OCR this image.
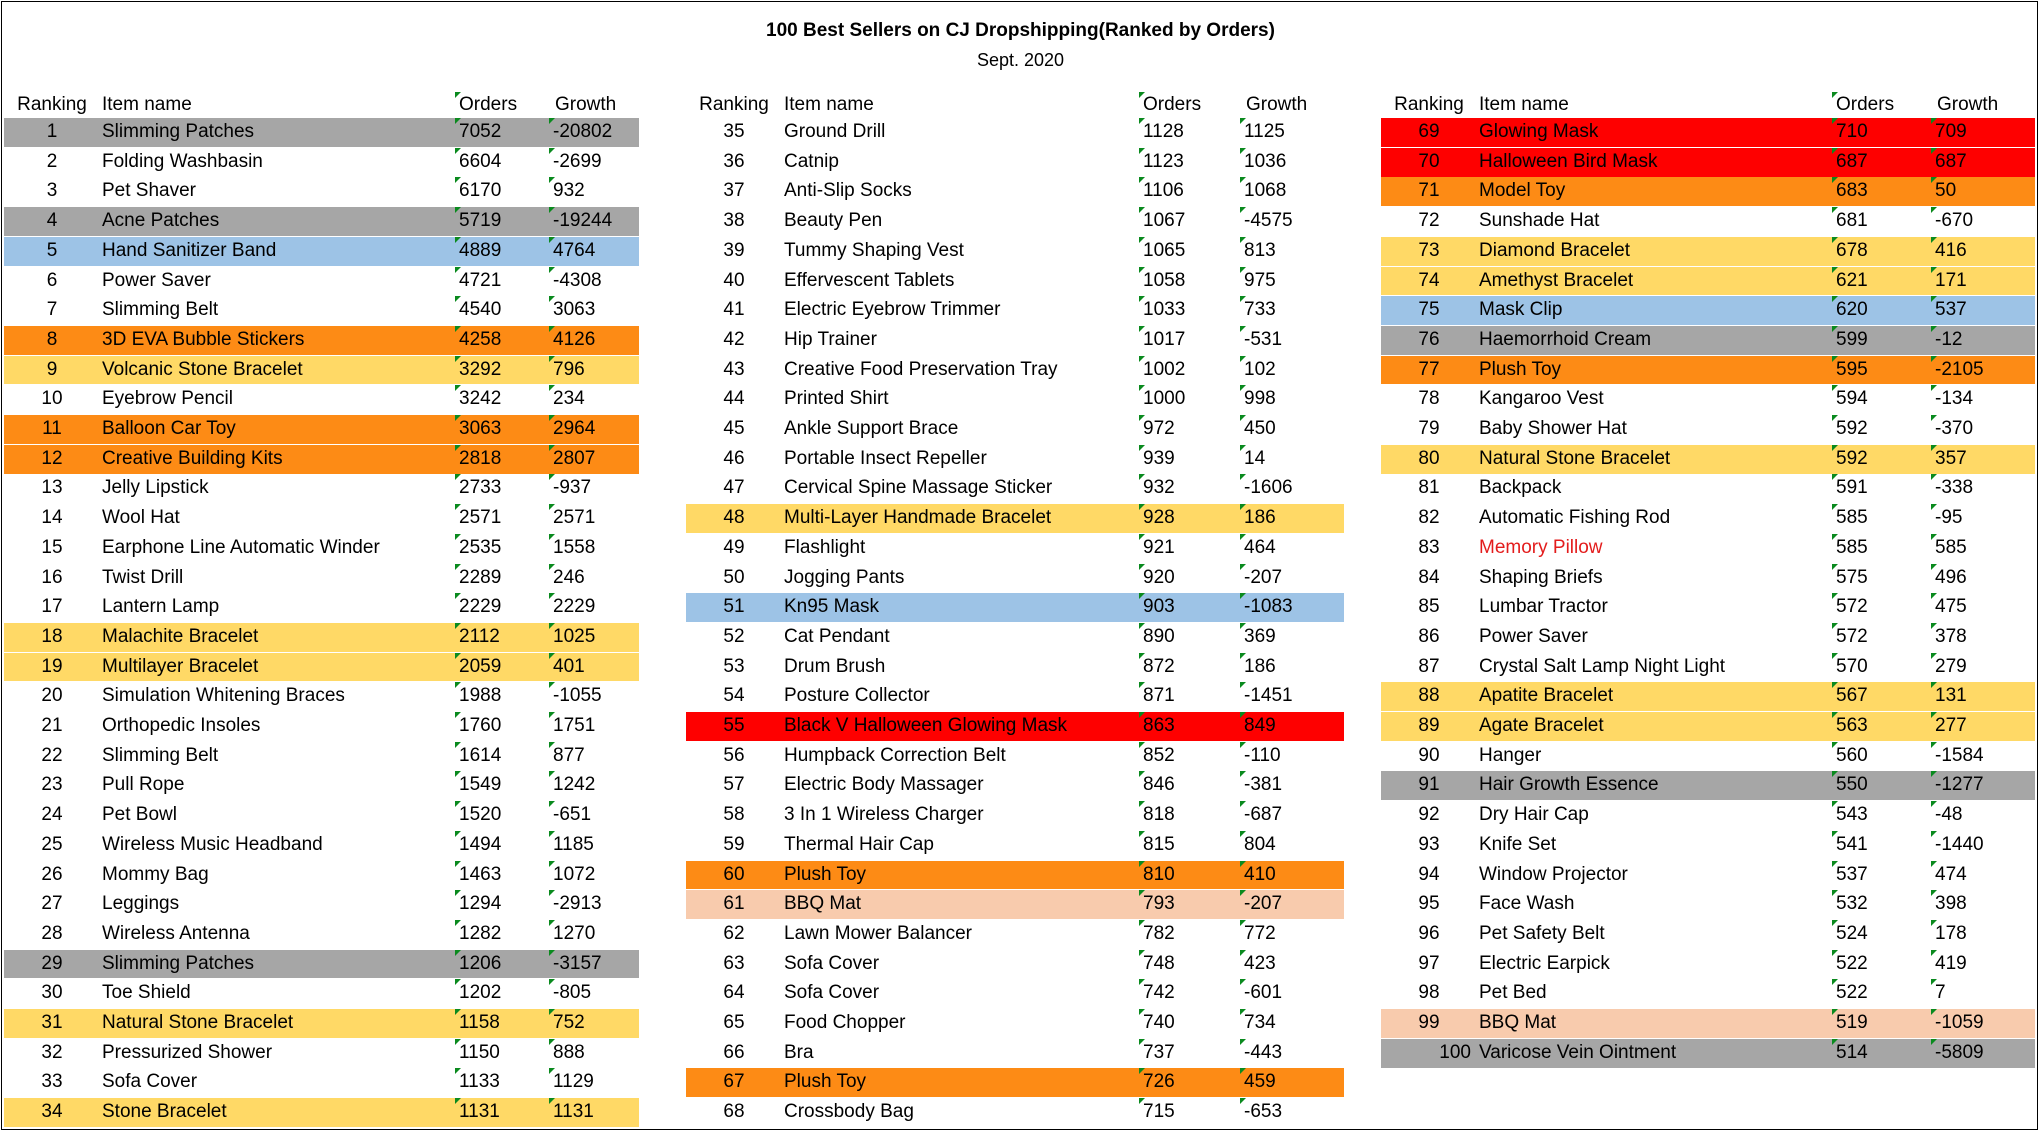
100 Best Sellers on CJ Dropshipping(Ranked by Orders)
Sept. 2020
Ranking Item name	Orders	Growth
1	Slimming Patches	7052	-20802
2	Folding Washbasin	6604	-2699
3	Pet Shaver	6170	932
4	Acne Patches	5719	-19244
5	Hand Sanitizer Band	4889	4764
6	Power Saver	4721	-4308
7	Slimming Belt	4540	3063
8	3D EVA Bubble Stickers	4258	4126
9	Volcanic Stone Bracelet	3292	796
10	Eyebrow Pencil	3242	234
11	Balloon Car Toy	3063	2964
12	Creative Building Kits	2818	2807
13	Jelly Lipstick	2733	-937
14	Wool Hat	2571	2571
15	Earphone Line Automatic Winder	2535	1558
16	Twist Drill	2289	246
17	Lantern Lamp	2229	2229
18	Malachite Bracelet	2112	1025
19	Multilayer Bracelet	2059	401
20	Simulation Whitening Braces	1988	-1055
21	Orthopedic Insoles	1760	1751
22	Slimming Belt	1614	877
23	Pull Rope	1549	1242
24	Pet Bowl	1520	-651
25	Wireless Music Headband	1494	1185
26	Mommy Bag	1463	1072
27	Leggings	1294	-2913
28	Wireless Antenna	1282	1270
29	Slimming Patches	1206	-3157
30	Toe Shield	1202	-805
31	Natural Stone Bracelet	1158	752
32	Pressurized Shower	1150	888
33	Sofa Cover	1133	1129
34	Stone Bracelet	1131	1131
Ranking Item name	Orders	Growth
35	Ground Drill	1128	1125
36	Catnip	1123	1036
37	Anti-Slip Socks	1106	1068
38	Beauty Pen	1067	-4575
39	Tummy Shaping Vest	1065	813
40	Effervescent Tablets	1058	975
41	Electric Eyebrow Trimmer	1033	733
42	Hip Trainer	1017	-531
43	Creative Food Preservation Tray	1002	102
44	Printed Shirt	1000	998
45	Ankle Support Brace	972	450
46	Portable Insect Repeller	939	14
47	Cervical Spine Massage Sticker	932	-1606
48	Multi-Layer Handmade Bracelet	928	186
49	Flashlight	921	464
50	Jogging Pants	920	-207
51	Kn95 Mask	903	-1083
52	Cat Pendant	890	369
53	Drum Brush	872	186
54	Posture Collector	871	-1451
55	Black V Halloween Glowing Mask	863	849
56	Humpback Correction Belt	852	-110
57	Electric Body Massager	846	-381
58	3 In 1 Wireless Charger	818	-687
59	Thermal Hair Cap	815	804
60	Plush Toy	810	410
61	BBQ Mat	793	-207
62	Lawn Mower Balancer	782	772
63	Sofa Cover	748	423
64	Sofa Cover	742	-601
65	Food Chopper	740	734
66	Bra	737	-443
67	Plush Toy	726	459
68	Crossbody Bag	715	-653
Ranking Item name	Orders	Growth
69	Glowing Mask	710	709
70	Halloween Bird Mask	687	687
71	Model Toy	683	50
72	Sunshade Hat	681	-670
73	Diamond Bracelet	678	416
74	Amethyst Bracelet	621	171
75	Mask Clip	620	537
76	Haemorrhoid Cream	599	-12
77	Plush Toy	595	-2105
78	Kangaroo Vest	594	-134
79	Baby Shower Hat	592	-370
80	Natural Stone Bracelet	592	357
81	Backpack	591	-338
82	Automatic Fishing Rod	585	-95
83	Memory Pillow	585	585
84	Shaping Briefs	575	496
85	Lumbar Tractor	572	475
86	Power Saver	572	378
87	Crystal Salt Lamp Night Light	570	279
88	Apatite Bracelet	567	131
89	Agate Bracelet	563	277
90	Hanger	560	-1584
91	Hair Growth Essence	550	-1277
92	Dry Hair Cap	543	-48
93	Knife Set	541	-1440
94	Window Projector	537	474
95	Face Wash	532	398
96	Pet Safety Belt	524	178
97	Electric Earpick	522	419
98	Pet Bed	522	7
99	BBQ Mat	519	-1059
100 Varicose Vein Ointment	514	-5809
